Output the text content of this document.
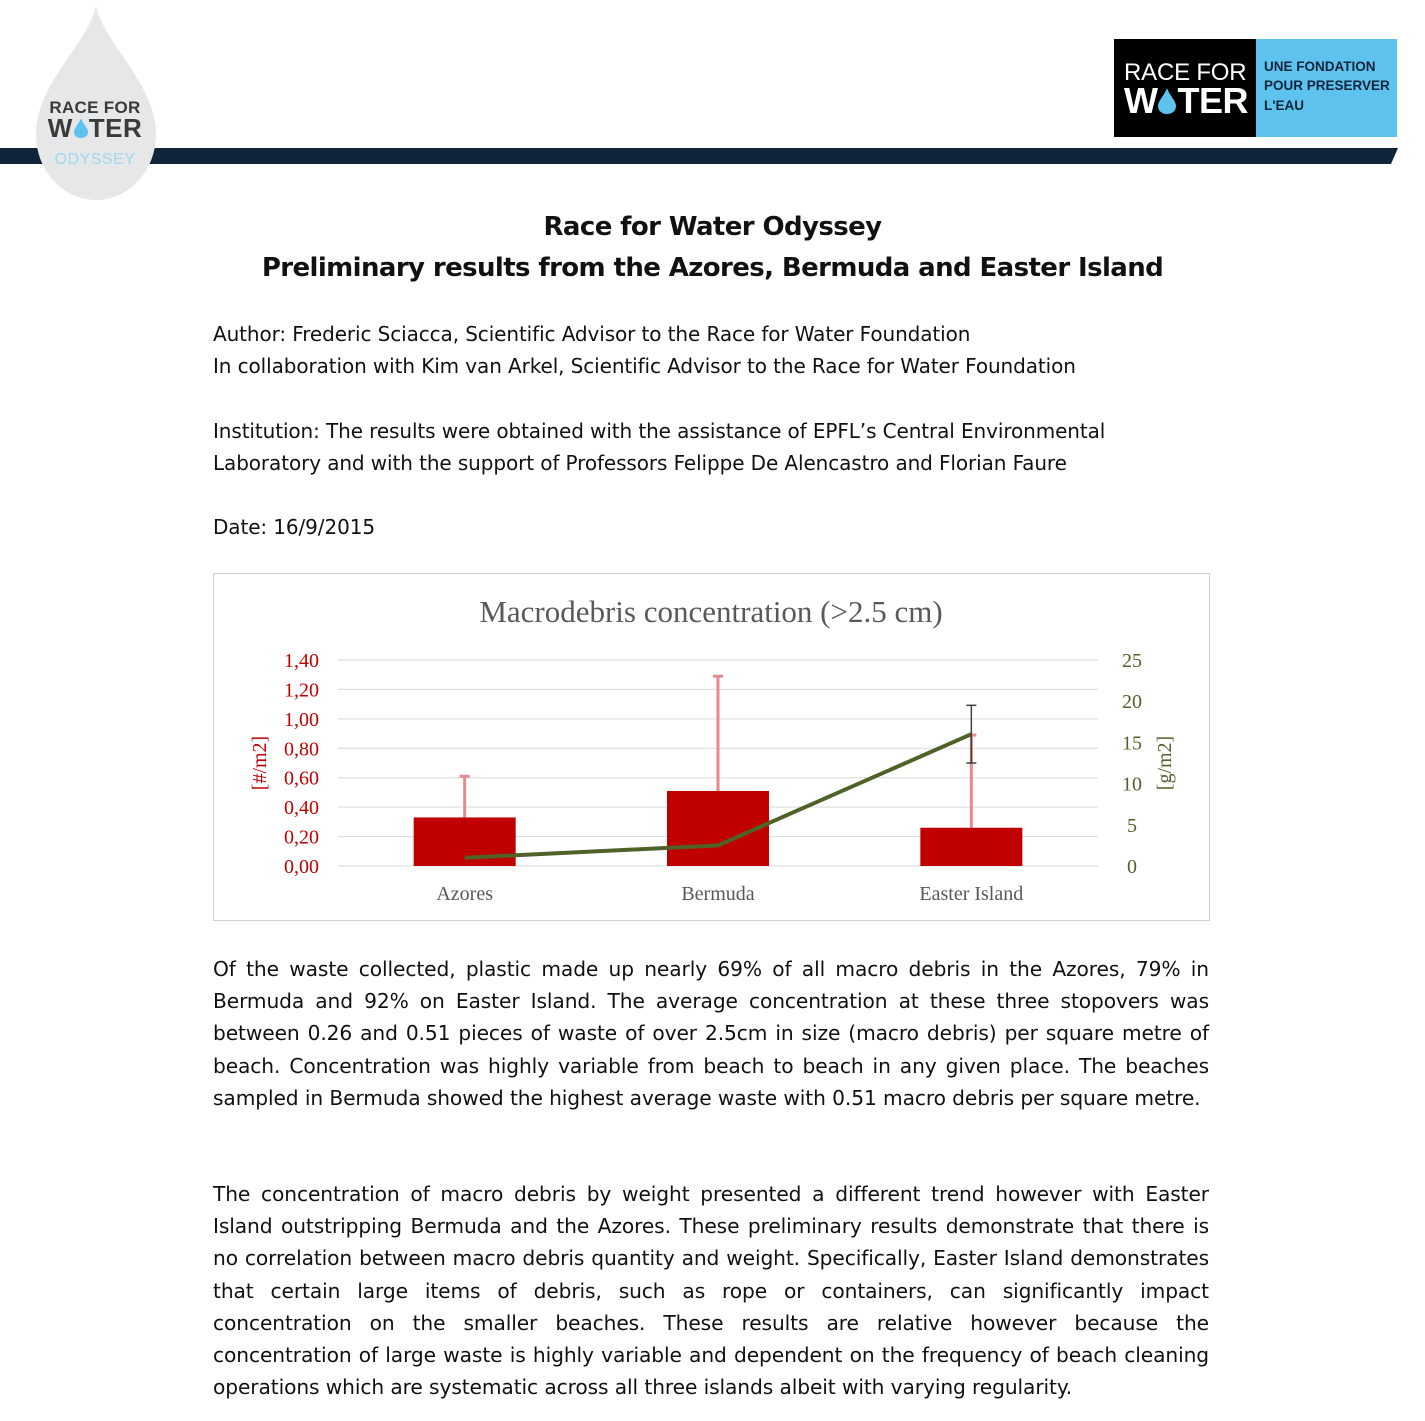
RACE FOR
W TER
ODYSSEY
RACE FOR
W TER
UNE FONDATION
POUR PRESERVER
L'EAU
Race for Water Odyssey
Preliminary results from the Azores, Bermuda and Easter Island
Author: Frederic Sciacca, Scientific Advisor to the Race for Water Foundation
In collaboration with Kim van Arkel, Scientific Advisor to the Race for Water Foundation
Institution: The results were obtained with the assistance of EPFL’s Central Environmental
Laboratory and with the support of Professors Felippe De Alencastro and Florian Faure
Date: 16/9/2015
Macrodebris concentration (>2.5 cm)
0,00
0,20
0,40
0,60
0,80
1,00
1,20
1,40
0
5
10
15
20
25
[#/m2]	[g/m2]
Azores	Bermuda	Easter Island
Of the waste collected, plastic made up nearly 69% of all macro debris in the Azores, 79% in Bermuda and 92% on Easter Island. The average concentration at these three stopovers was between 0.26 and 0.51 pieces of waste of over 2.5cm in size (macro debris) per square metre of beach. Concentration was highly variable from beach to beach in any given place. The beaches sampled in Bermuda showed the highest average waste with 0.51 macro debris per square metre.
The concentration of macro debris by weight presented a different trend however with Easter Island outstripping Bermuda and the Azores. These preliminary results demonstrate that there is no correlation between macro debris quantity and weight. Specifically, Easter Island demonstrates that certain large items of debris, such as rope or containers, can significantly impact concentration on the smaller beaches. These results are relative however because the concentration of large waste is highly variable and dependent on the frequency of beach cleaning operations which are systematic across all three islands albeit with varying regularity.
